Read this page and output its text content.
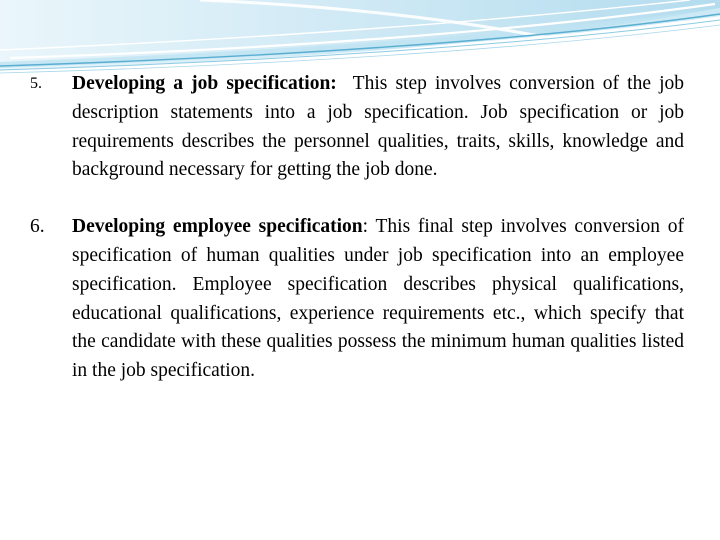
5. Developing a job specification: This step involves conversion of the job description statements into a job specification. Job specification or job requirements describes the personnel qualities, traits, skills, knowledge and background necessary for getting the job done.
6. Developing employee specification: This final step involves conversion of specification of human qualities under job specification into an employee specification. Employee specification describes physical qualifications, educational qualifications, experience requirements etc., which specify that the candidate with these qualities possess the minimum human qualities listed in the job specification.
